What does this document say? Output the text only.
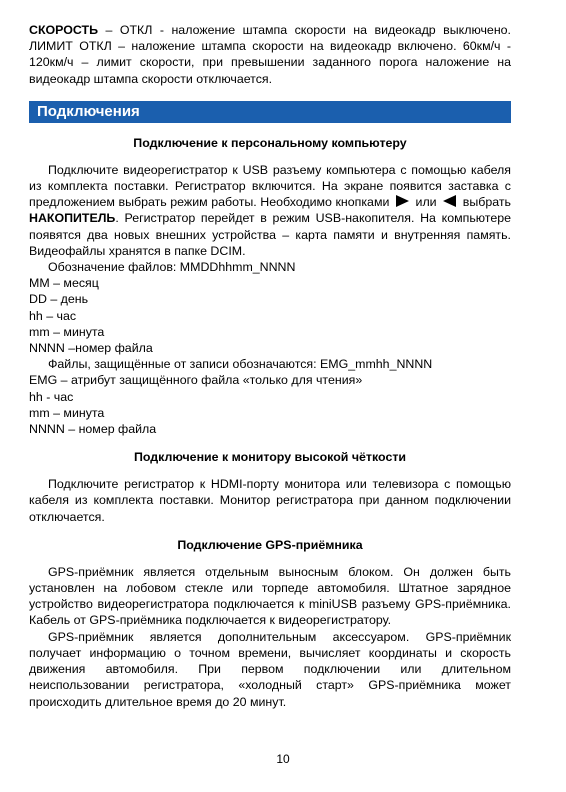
СКОРОСТЬ – ОТКЛ - наложение штампа скорости на видеокадр выключено. ЛИМИТ ОТКЛ – наложение штампа скорости на видеокадр включено. 60км/ч - 120км/ч – лимит скорости, при превышении заданного порога наложение на видеокадр штампа скорости отключается.

Подключения
Подключение к персональному компьютеру

Подключите видеорегистратор к USB разъему компьютера с помощью кабеля из комплекта поставки. Регистратор включится. На экране появится заставка с предложением выбрать режим работы. Необходимо кнопками или выбрать НАКОПИТЕЛЬ. Регистратор перейдет в режим USB-накопителя. На компьютере появятся два новых внешних устройства – карта памяти и внутренняя память. Видеофайлы хранятся в папке DCIM.

Обозначение файлов: MMDDhhmm_NNNN

MM – месяц

DD – день

hh – час

mm – минута

NNNN –номер файла

Файлы, защищённые от записи обозначаются: EMG_mmhh_NNNN

EMG – атрибут защищённого файла «только для чтения»

hh - час

mm – минута

NNNN – номер файла

Подключение к монитору высокой чёткости

Подключите регистратор к HDMI-порту монитора или телевизора с помощью кабеля из комплекта поставки. Монитор регистратора при данном подключении отключается.

Подключение GPS-приёмника

GPS-приёмник является отдельным выносным блоком. Он должен быть установлен на лобовом стекле или торпеде автомобиля. Штатное зарядное устройство видеорегистратора подключается к miniUSB разъему GPS-приёмника. Кабель от GPS-приёмника подключается к видеорегистратору.

GPS-приёмник является дополнительным аксессуаром. GPS-приёмник получает информацию о точном времени, вычисляет координаты и скорость движения автомобиля. При первом подключении или длительном неиспользовании регистратора, «холодный старт» GPS-приёмника может происходить длительное время до 20 минут.

10
